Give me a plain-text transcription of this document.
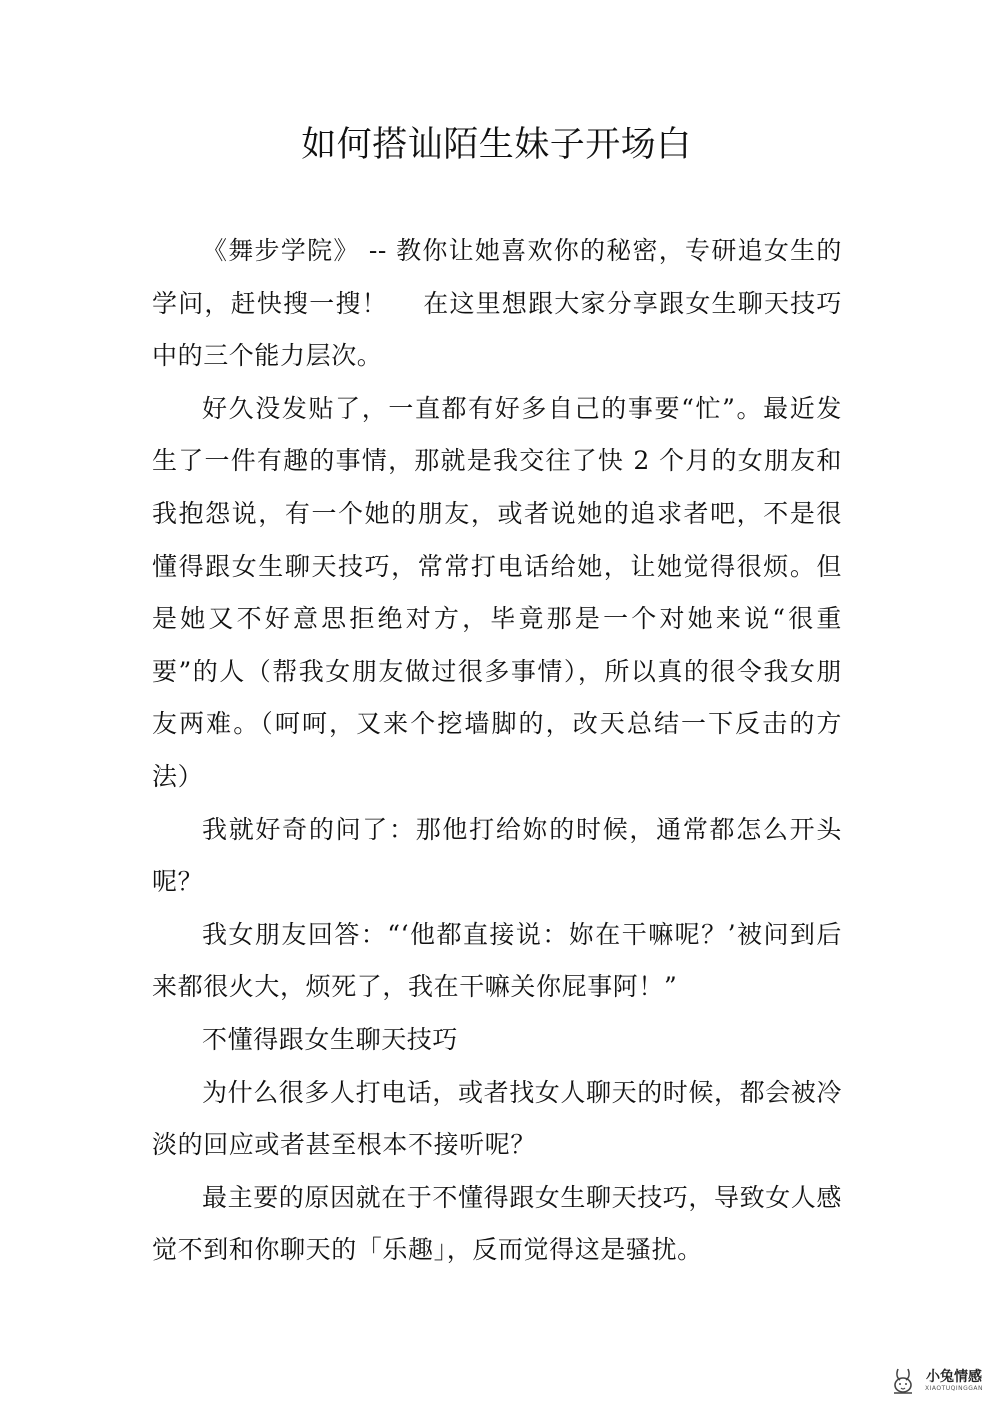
如何搭讪陌生妹子开场白

《舞步学院》 -- 教你让她喜欢你的秘密，专研追女生的学问，赶快搜一搜！　 在这里想跟大家分享跟女生聊天技巧中的三个能力层次。

好久没发贴了，一直都有好多自己的事要“忙”。最近发生了一件有趣的事情，那就是我交往了快 2 个月的女朋友和我抱怨说，有一个她的朋友，或者说她的追求者吧，不是很懂得跟女生聊天技巧，常常打电话给她，让她觉得很烦。但是她又不好意思拒绝对方，毕竟那是一个对她来说“很重要”的人（帮我女朋友做过很多事情），所以真的很令我女朋友两难。（呵呵，又来个挖墙脚的，改天总结一下反击的方法）

我就好奇的问了：那他打给妳的时候，通常都怎么开头呢？

我女朋友回答：“‘他都直接说：妳在干嘛呢？’被问到后来都很火大，烦死了，我在干嘛关你屁事阿！”

不懂得跟女生聊天技巧

为什么很多人打电话，或者找女人聊天的时候，都会被冷淡的回应或者甚至根本不接听呢？

最主要的原因就在于不懂得跟女生聊天技巧，导致女人感觉不到和你聊天的「乐趣」，反而觉得这是骚扰。

小兔情感
XIAOTUQINGGAN
